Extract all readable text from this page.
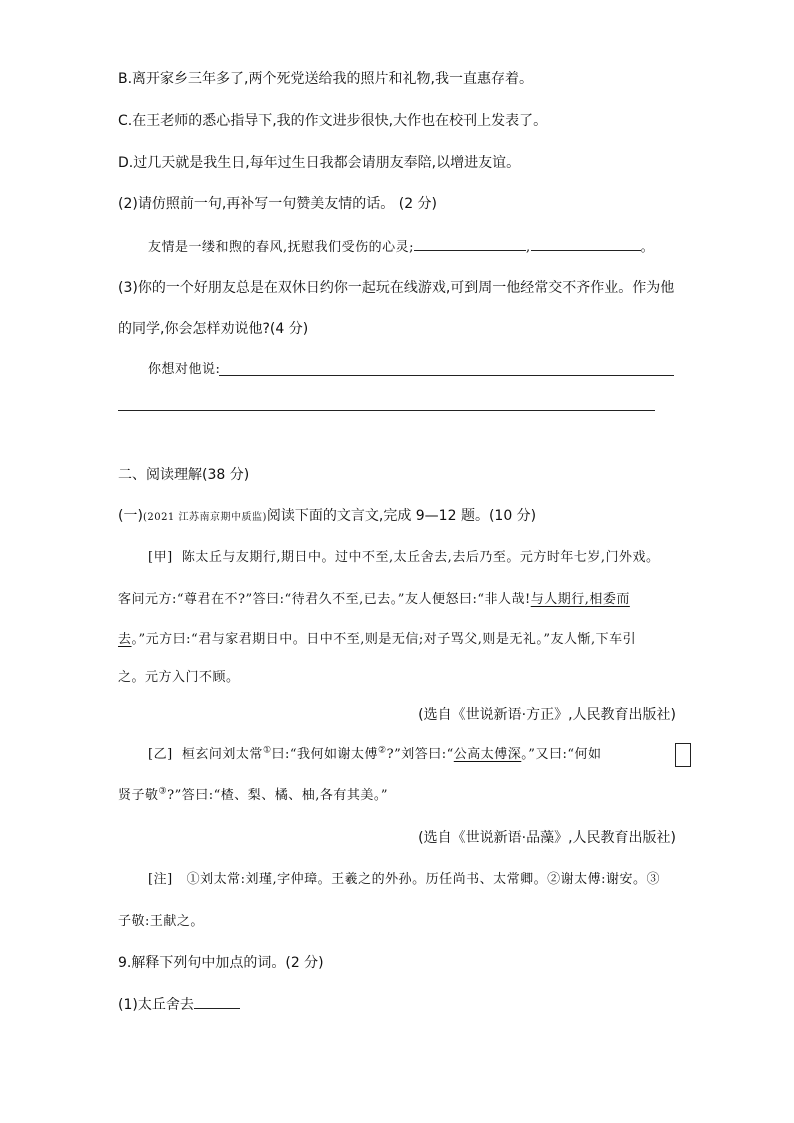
B.离开家乡三年多了,两个死党送给我的照片和礼物,我一直惠存着。
C.在王老师的悉心指导下,我的作文进步很快,大作也在校刊上发表了。
D.过几天就是我生日,每年过生日我都会请朋友奉陪,以增进友谊。
(2)请仿照前一句,再补写一句赞美友情的话。 (2 分)
友情是一缕和煦的春风,抚慰我们受伤的心灵;	,	。
(3)你的一个好朋友总是在双休日约你一起玩在线游戏,可到周一他经常交不齐作业。作为他
的同学,你会怎样劝说他?(4 分)
你想对他说:
二、阅读理解(38 分)
(一)(2021 江苏南京期中质监)阅读下面的文言文,完成 9—12 题。(10 分)
[甲] 陈太丘与友期行,期日中。过中不至,太丘舍去,去后乃至。元方时年七岁,门外戏。
客问元方:“尊君在不?”答曰:“待君久不至,已去。”友人便怒曰:“非人哉!与人期行,相委而
去。”元方曰:“君与家君期日中。日中不至,则是无信;对子骂父,则是无礼。”友人惭,下车引
之。元方入门不顾。
(选自《世说新语·方正》,人民教育出版社)
[乙] 桓玄问刘太常①曰:“我何如谢太傅②?”刘答曰:“公高太傅深。”又曰:“何如
贤子敬③?”答曰:“楂、梨、橘、柚,各有其美。”
(选自《世说新语·品藻》,人民教育出版社)
[注] ①刘太常:刘瑾,字仲璋。王羲之的外孙。历任尚书、太常卿。②谢太傅:谢安。③
子敬:王献之。
9.解释下列句中加点的词。(2 分)
(1)太丘舍去
